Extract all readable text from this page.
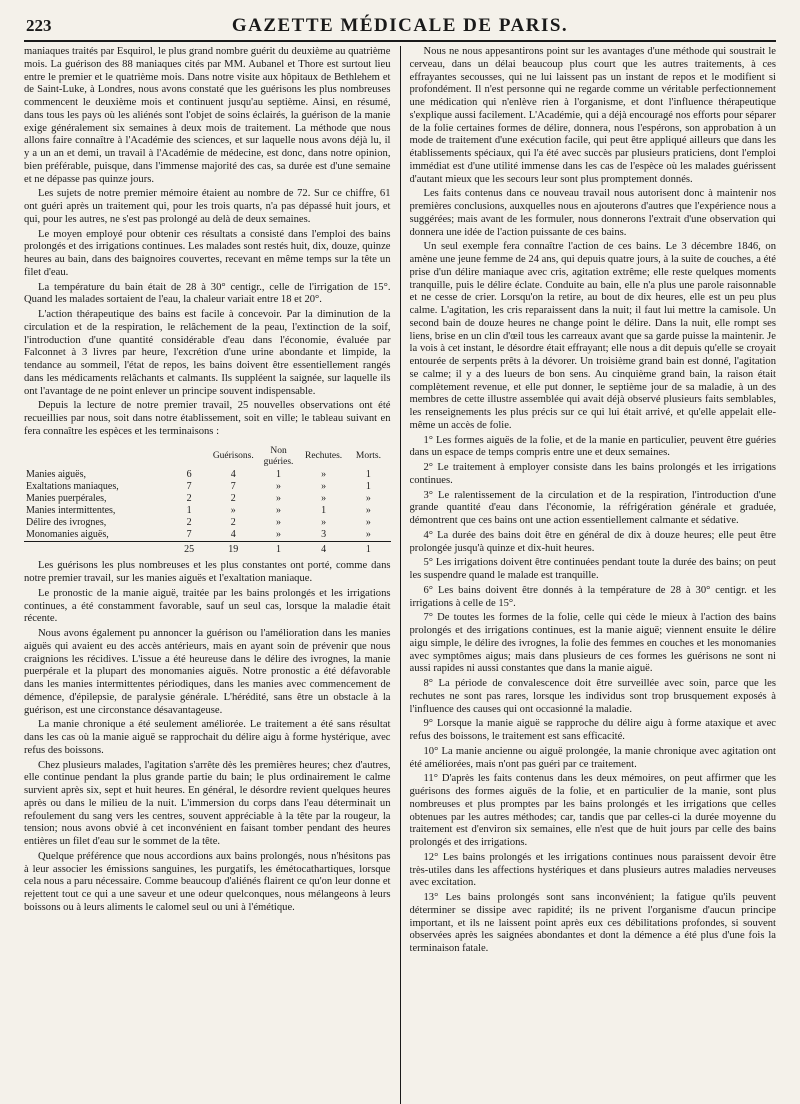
223	GAZETTE MÉDICALE DE PARIS.

maniaques traités par Esquirol, le plus grand nombre guérit du deuxième au quatrième mois. La guérison des 88 maniaques cités par MM. Aubanel et Thore est surtout lieu entre le premier et le quatrième mois. Dans notre visite aux hôpitaux de Bethlehem et de Saint-Luke, à Londres, nous avons constaté que les guérisons les plus nombreuses commencent le deuxième mois et continuent jusqu'au septième. Ainsi, en résumé, dans tous les pays où les aliénés sont l'objet de soins éclairés, la guérison de la manie exige généralement six semaines à deux mois de traitement. La méthode que nous allons faire connaître à l'Académie des sciences, et sur laquelle nous avons déjà lu, il y a un an et demi, un travail à l'Académie de médecine, est donc, dans notre opinion, bien préférable, puisque, dans l'immense majorité des cas, sa durée est d'une semaine et ne dépasse pas quinze jours.

Les sujets de notre premier mémoire étaient au nombre de 72. Sur ce chiffre, 61 ont guéri après un traitement qui, pour les trois quarts, n'a pas dépassé huit jours, et qui, pour les autres, ne s'est pas prolongé au delà de deux semaines.

Le moyen employé pour obtenir ces résultats a consisté dans l'emploi des bains prolongés et des irrigations continues. Les malades sont restés huit, dix, douze, quinze heures au bain, dans des baignoires couvertes, recevant en même temps sur la tête un filet d'eau.

La température du bain était de 28 à 30° centigr., celle de l'irrigation de 15°. Quand les malades sortaient de l'eau, la chaleur variait entre 18 et 20°.

L'action thérapeutique des bains est facile à concevoir. Par la diminution de la circulation et de la respiration, le relâchement de la peau, l'extinction de la soif, l'introduction d'une quantité considérable d'eau dans l'économie, évaluée par Falconnet à 3 livres par heure, l'excrétion d'une urine abondante et limpide, la tendance au sommeil, l'état de repos, les bains doivent être essentiellement rangés dans les médicaments relâchants et calmants. Ils suppléent la saignée, sur laquelle ils ont l'avantage de ne point enlever un principe souvent indispensable.

Depuis la lecture de notre premier travail, 25 nouvelles observations ont été recueillies par nous, soit dans notre établissement, soit en ville; le tableau suivant en fera connaître les espèces et les terminaisons :

		Guérisons.	Non guéries.	Rechutes.	Morts.
Manies aiguës,	6	4	1	»	1
Exaltations maniaques,	7	7	»	»	1
Manies puerpérales,	2	2	»	»	»
Manies intermittentes,	1	»	»	1	»
Délire des ivrognes,	2	2	»	»	»
Monomanies aiguës,	7	4	»	3	»
	25	19	1	4	1

Les guérisons les plus nombreuses et les plus constantes ont porté, comme dans notre premier travail, sur les manies aiguës et l'exaltation maniaque.

Le pronostic de la manie aiguë, traitée par les bains prolongés et les irrigations continues, a été constamment favorable, sauf un seul cas, lorsque la maladie était récente.

Nous avons également pu annoncer la guérison ou l'amélioration dans les manies aiguës qui avaient eu des accès antérieurs, mais en ayant soin de prévenir que nous craignions les récidives. L'issue a été heureuse dans le délire des ivrognes, la manie puerpérale et la plupart des monomanies aiguës. Notre pronostic a été défavorable dans les manies intermittentes périodiques, dans les manies avec commencement de démence, d'épilepsie, de paralysie générale. L'hérédité, sans être un obstacle à la guérison, est une circonstance désavantageuse.

La manie chronique a été seulement améliorée. Le traitement a été sans résultat dans les cas où la manie aiguë se rapprochait du délire aigu à forme hystérique, avec refus des boissons.

Chez plusieurs malades, l'agitation s'arrête dès les premières heures; chez d'autres, elle continue pendant la plus grande partie du bain; le plus ordinairement le calme survient après six, sept et huit heures. En général, le désordre revient quelques heures après ou dans le milieu de la nuit. L'immersion du corps dans l'eau déterminait un refoulement du sang vers les centres, souvent appréciable à la tête par la rougeur, la tension; nous avons obvié à cet inconvénient en faisant tomber pendant des heures entières un filet d'eau sur le sommet de la tête.

Quelque préférence que nous accordions aux bains prolongés, nous n'hésitons pas à leur associer les émissions sanguines, les purgatifs, les émétocathartiques, lorsque cela nous a paru nécessaire. Comme beaucoup d'aliénés flairent ce qu'on leur donne et rejettent tout ce qui a une saveur et une odeur quelconques, nous mélangeons à leurs boissons ou à leurs aliments le calomel seul ou uni à l'émétique.

Nous ne nous appesantirons point sur les avantages d'une méthode qui soustrait le cerveau, dans un délai beaucoup plus court que les autres traitements, à ces effrayantes secousses, qui ne lui laissent pas un instant de repos et le modifient si profondément. Il n'est personne qui ne regarde comme un véritable perfectionnement une médication qui n'enlève rien à l'organisme, et dont l'influence thérapeutique s'explique aussi facilement. L'Académie, qui a déjà encouragé nos efforts pour séparer de la folie certaines formes de délire, donnera, nous l'espérons, son approbation à un mode de traitement d'une exécution facile, qui peut être appliqué ailleurs que dans les établissements spéciaux, qui l'a été avec succès par plusieurs praticiens, dont l'emploi immédiat est d'une utilité immense dans les cas de l'espèce où les malades guérissent d'autant mieux que les secours leur sont plus promptement donnés.

Les faits contenus dans ce nouveau travail nous autorisent donc à maintenir nos premières conclusions, auxquelles nous en ajouterons d'autres que l'expérience nous a suggérées; mais avant de les formuler, nous donnerons l'extrait d'une observation qui donnera une idée de l'action puissante de ces bains.

Un seul exemple fera connaître l'action de ces bains. Le 3 décembre 1846, on amène une jeune femme de 24 ans, qui depuis quatre jours, à la suite de couches, a été prise d'un délire maniaque avec cris, agitation extrême; elle reste quelques moments tranquille, puis le délire éclate. Conduite au bain, elle n'a plus une parole raisonnable et ne cesse de crier. Lorsqu'on la retire, au bout de dix heures, elle est un peu plus calme. L'agitation, les cris reparaissent dans la nuit; il faut lui mettre la camisole. Un second bain de douze heures ne change point le délire. Dans la nuit, elle rompt ses liens, brise en un clin d'œil tous les carreaux avant que sa garde puisse la maintenir. Je la vois à cet instant, le désordre était effrayant; elle nous a dit depuis qu'elle se croyait entourée de serpents prêts à la dévorer. Un troisième grand bain est donné, l'agitation se calme; il y a des lueurs de bon sens. Au cinquième grand bain, la raison était complètement revenue, et elle put donner, le septième jour de sa maladie, à un des membres de cette illustre assemblée qui avait déjà observé plusieurs faits semblables, les renseignements les plus précis sur ce qui lui était arrivé, et qu'elle appelait elle-même un accès de folie.

1° Les formes aiguës de la folie, et de la manie en particulier, peuvent être guéries dans un espace de temps compris entre une et deux semaines.

2° Le traitement à employer consiste dans les bains prolongés et les irrigations continues.

3° Le ralentissement de la circulation et de la respiration, l'introduction d'une grande quantité d'eau dans l'économie, la réfrigération générale et graduée, démontrent que ces bains ont une action essentiellement calmante et sédative.

4° La durée des bains doit être en général de dix à douze heures; elle peut être prolongée jusqu'à quinze et dix-huit heures.

5° Les irrigations doivent être continuées pendant toute la durée des bains; on peut les suspendre quand le malade est tranquille.

6° Les bains doivent être donnés à la température de 28 à 30° centigr. et les irrigations à celle de 15°.

7° De toutes les formes de la folie, celle qui cède le mieux à l'action des bains prolongés et des irrigations continues, est la manie aiguë; viennent ensuite le délire aigu simple, le délire des ivrognes, la folie des femmes en couches et les monomanies avec symptômes aigus; mais dans plusieurs de ces formes les guérisons ne sont ni aussi rapides ni aussi constantes que dans la manie aiguë.

8° La période de convalescence doit être surveillée avec soin, parce que les rechutes ne sont pas rares, lorsque les individus sont trop brusquement exposés à l'influence des causes qui ont occasionné la maladie.

9° Lorsque la manie aiguë se rapproche du délire aigu à forme ataxique et avec refus des boissons, le traitement est sans efficacité.

10° La manie ancienne ou aiguë prolongée, la manie chronique avec agitation ont été améliorées, mais n'ont pas guéri par ce traitement.

11° D'après les faits contenus dans les deux mémoires, on peut affirmer que les guérisons des formes aiguës de la folie, et en particulier de la manie, sont plus nombreuses et plus promptes par les bains prolongés et les irrigations que celles obtenues par les autres méthodes; car, tandis que par celles-ci la durée moyenne du traitement est d'environ six semaines, elle n'est que de huit jours par celle des bains prolongés et des irrigations.

12° Les bains prolongés et les irrigations continues nous paraissent devoir être très-utiles dans les affections hystériques et dans plusieurs autres maladies nerveuses avec excitation.

13° Les bains prolongés sont sans inconvénient; la fatigue qu'ils peuvent déterminer se dissipe avec rapidité; ils ne privent l'organisme d'aucun principe important, et ils ne laissent point après eux ces débilitations profondes, si souvent observées après les saignées abondantes et dont la démence a été plus d'une fois la terminaison fatale.
